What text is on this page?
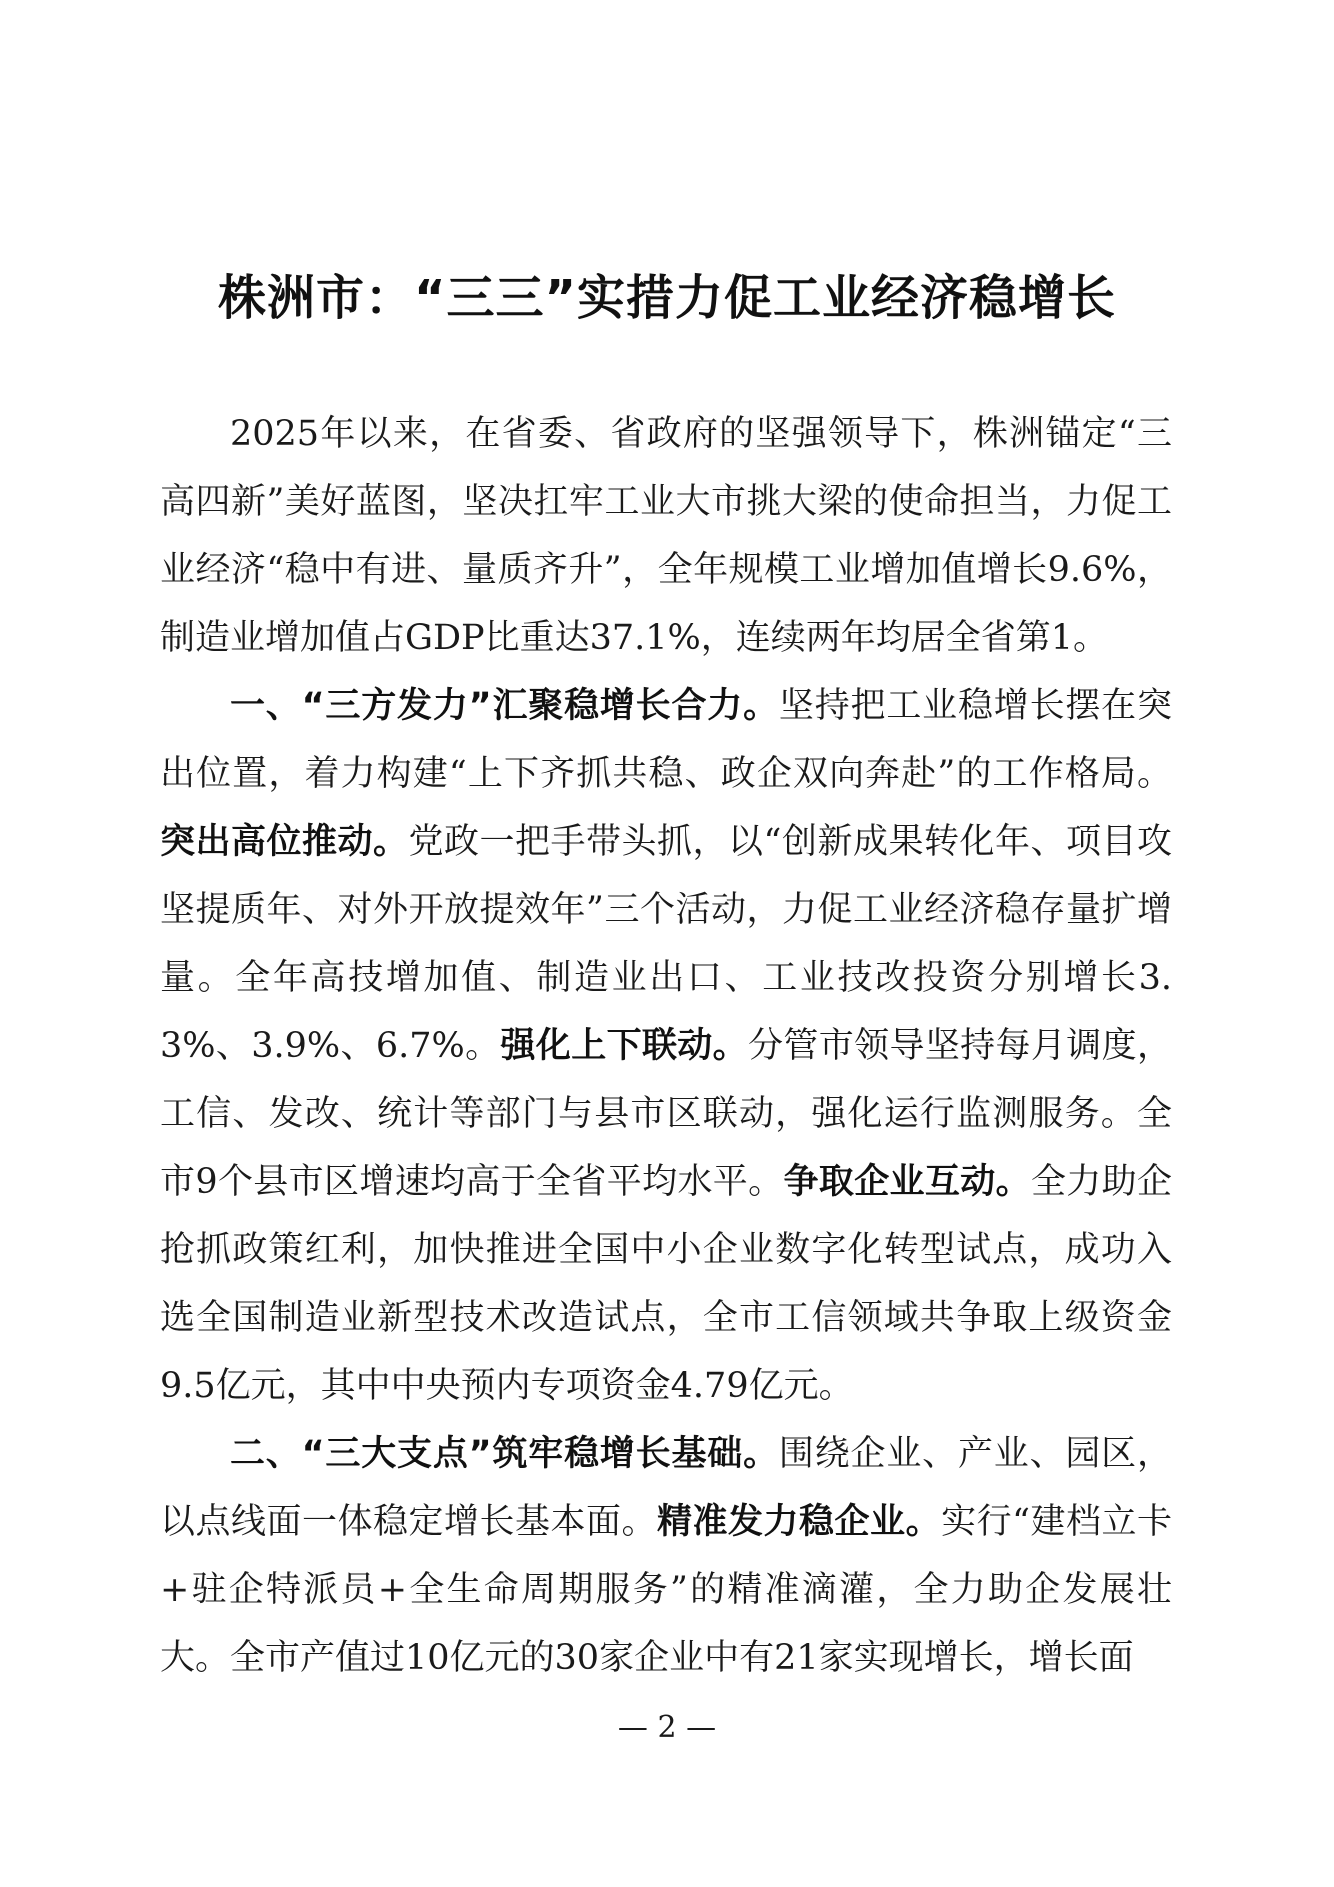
株洲市：“三三”实措力促工业经济稳增长

2025年以来，在省委、省政府的坚强领导下，株洲锚定“三高四新”美好蓝图，坚决扛牢工业大市挑大梁的使命担当，力促工业经济“稳中有进、量质齐升”，全年规模工业增加值增长9.6%，制造业增加值占GDP比重达37.1%，连续两年均居全省第1。

一、“三方发力”汇聚稳增长合力。坚持把工业稳增长摆在突出位置，着力构建“上下齐抓共稳、政企双向奔赴”的工作格局。突出高位推动。党政一把手带头抓，以“创新成果转化年、项目攻坚提质年、对外开放提效年”三个活动，力促工业经济稳存量扩增量。全年高技增加值、制造业出口、工业技改投资分别增长3.3%、3.9%、6.7%。强化上下联动。分管市领导坚持每月调度，工信、发改、统计等部门与县市区联动，强化运行监测服务。全市9个县市区增速均高于全省平均水平。争取企业互动。全力助企抢抓政策红利，加快推进全国中小企业数字化转型试点，成功入选全国制造业新型技术改造试点，全市工信领域共争取上级资金9.5亿元，其中中央预内专项资金4.79亿元。

二、“三大支点”筑牢稳增长基础。围绕企业、产业、园区，以点线面一体稳定增长基本面。精准发力稳企业。实行“建档立卡+驻企特派员+全生命周期服务”的精准滴灌，全力助企发展壮大。全市产值过10亿元的30家企业中有21家实现增长，增长面

— 2 —
